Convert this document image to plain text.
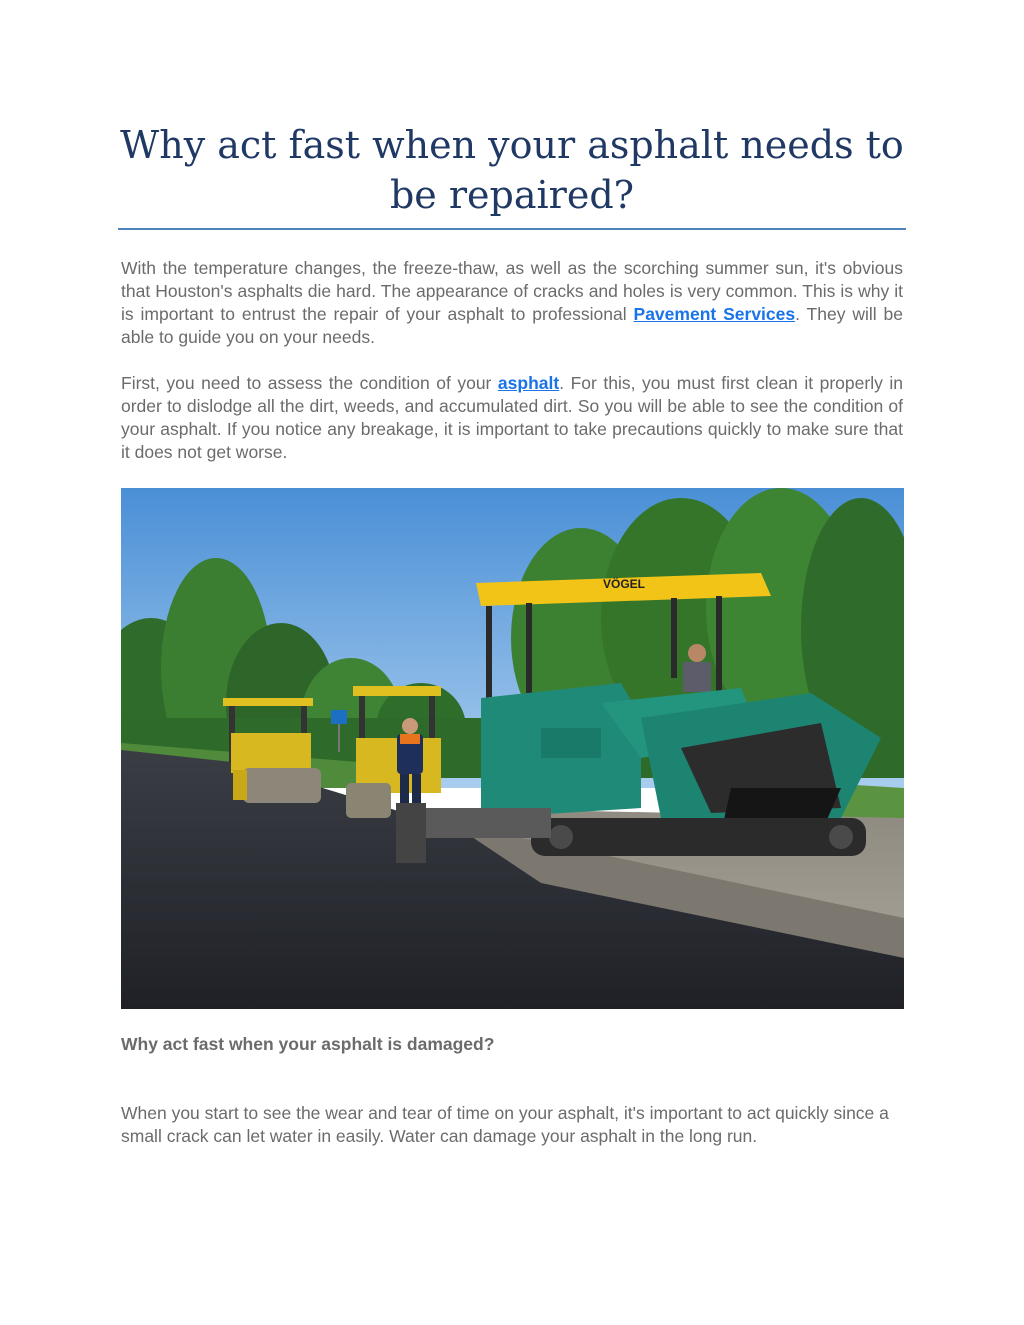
Why act fast when your asphalt needs to be repaired?

With the temperature changes, the freeze-thaw, as well as the scorching summer sun, it's obvious that Houston's asphalts die hard. The appearance of cracks and holes is very common. This is why it is important to entrust the repair of your asphalt to professional Pavement Services. They will be able to guide you on your needs.

First, you need to assess the condition of your asphalt. For this, you must first clean it properly in order to dislodge all the dirt, weeds, and accumulated dirt. So you will be able to see the condition of your asphalt. If you notice any breakage, it is important to take precautions quickly to make sure that it does not get worse.

VÖGEL
Why act fast when your asphalt is damaged?

When you start to see the wear and tear of time on your asphalt, it's important to act quickly since a small crack can let water in easily. Water can damage your asphalt in the long run.
